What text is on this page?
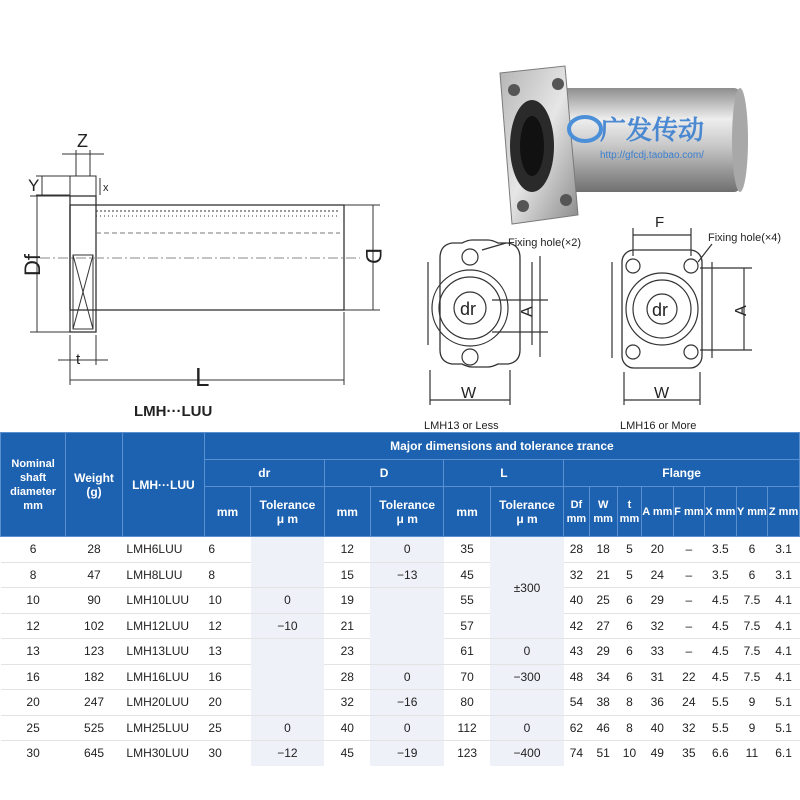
Z
Y	x
Df	D
t
L
LMH···LUU
广发传动
http://gfcdj.taobao.com/
Fixing hole(×2)
dr	A
W
LMH13 or Less
F
Fixing hole(×4)
dr	A
W
LMH16 or More
Nominal shaft diameter mm	Weight (g)	LMH···LUU	Major dimensions and tolerance ɪrance													
			dr		D		L		Flange							
			mm	Tolerance
μ m	mm	Tolerance
μ m	mm	Tolerance
μ m	Df mm	W mm	t mm	A mm	F mm	X mm	Y mm	Z mm
6	28	LMH6LUU	6		12	0	35	±300	28	18	5	20	–	3.5	6	3.1
8	47	LMH8LUU	8		15	−13	45		32	21	5	24	–	3.5	6	3.1
10	90	LMH10LUU	10	0	19		55		40	25	6	29	–	4.5	7.5	4.1
12	102	LMH12LUU	12	−10	21		57		42	27	6	32	–	4.5	7.5	4.1
13	123	LMH13LUU	13		23		61	0	43	29	6	33	–	4.5	7.5	4.1
16	182	LMH16LUU	16		28	0	70	−300	48	34	6	31	22	4.5	7.5	4.1
20	247	LMH20LUU	20		32	−16	80		54	38	8	36	24	5.5	9	5.1
25	525	LMH25LUU	25	0	40	0	112	0	62	46	8	40	32	5.5	9	5.1
30	645	LMH30LUU	30	−12	45	−19	123	−400	74	51	10	49	35	6.6	11	6.1
